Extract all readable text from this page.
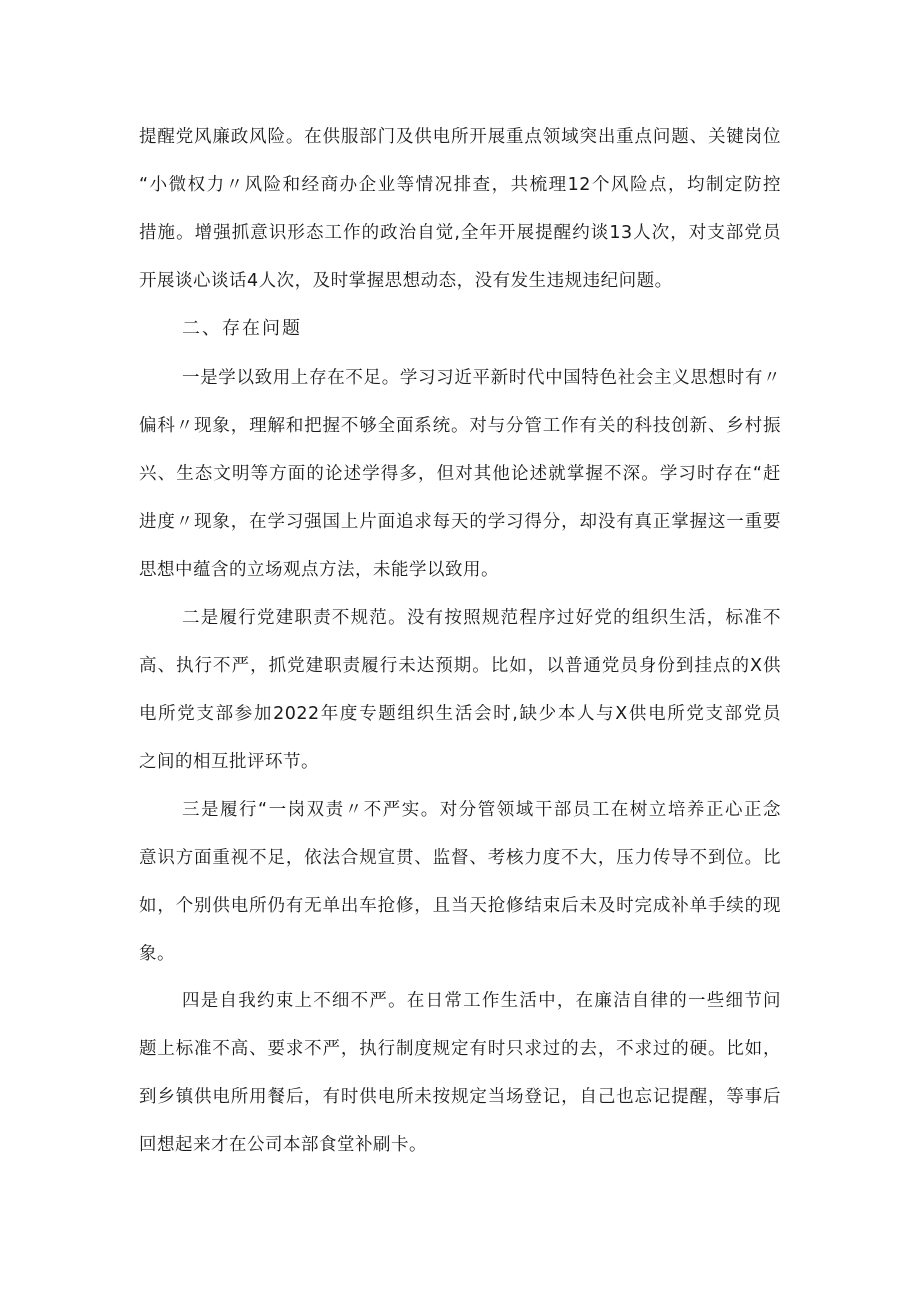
提醒党风廉政风险。在供服部门及供电所开展重点领域突出重点问题、关键岗位
“小微权力〃风险和经商办企业等情况排查，共梳理12个风险点，均制定防控
措施。增强抓意识形态工作的政治自觉,全年开展提醒约谈13人次，对支部党员
开展谈心谈话4人次，及时掌握思想动态，没有发生违规违纪问题。
二、存在问题
一是学以致用上存在不足。学习习近平新时代中国特色社会主义思想时有〃
偏科〃现象，理解和把握不够全面系统。对与分管工作有关的科技创新、乡村振
兴、生态文明等方面的论述学得多，但对其他论述就掌握不深。学习时存在“赶
进度〃现象，在学习强国上片面追求每天的学习得分，却没有真正掌握这一重要
思想中蕴含的立场观点方法，未能学以致用。
二是履行党建职责不规范。没有按照规范程序过好党的组织生活，标准不
高、执行不严，抓党建职责履行未达预期。比如，以普通党员身份到挂点的X供
电所党支部参加2022年度专题组织生活会时,缺少本人与X供电所党支部党员
之间的相互批评环节。
三是履行“一岗双责〃不严实。对分管领域干部员工在树立培养正心正念
意识方面重视不足，依法合规宣贯、监督、考核力度不大，压力传导不到位。比
如，个别供电所仍有无单出车抢修，且当天抢修结束后未及时完成补单手续的现
象。
四是自我约束上不细不严。在日常工作生活中，在廉洁自律的一些细节问
题上标准不高、要求不严，执行制度规定有时只求过的去，不求过的硬。比如，
到乡镇供电所用餐后，有时供电所未按规定当场登记，自己也忘记提醒，等事后
回想起来才在公司本部食堂补刷卡。
